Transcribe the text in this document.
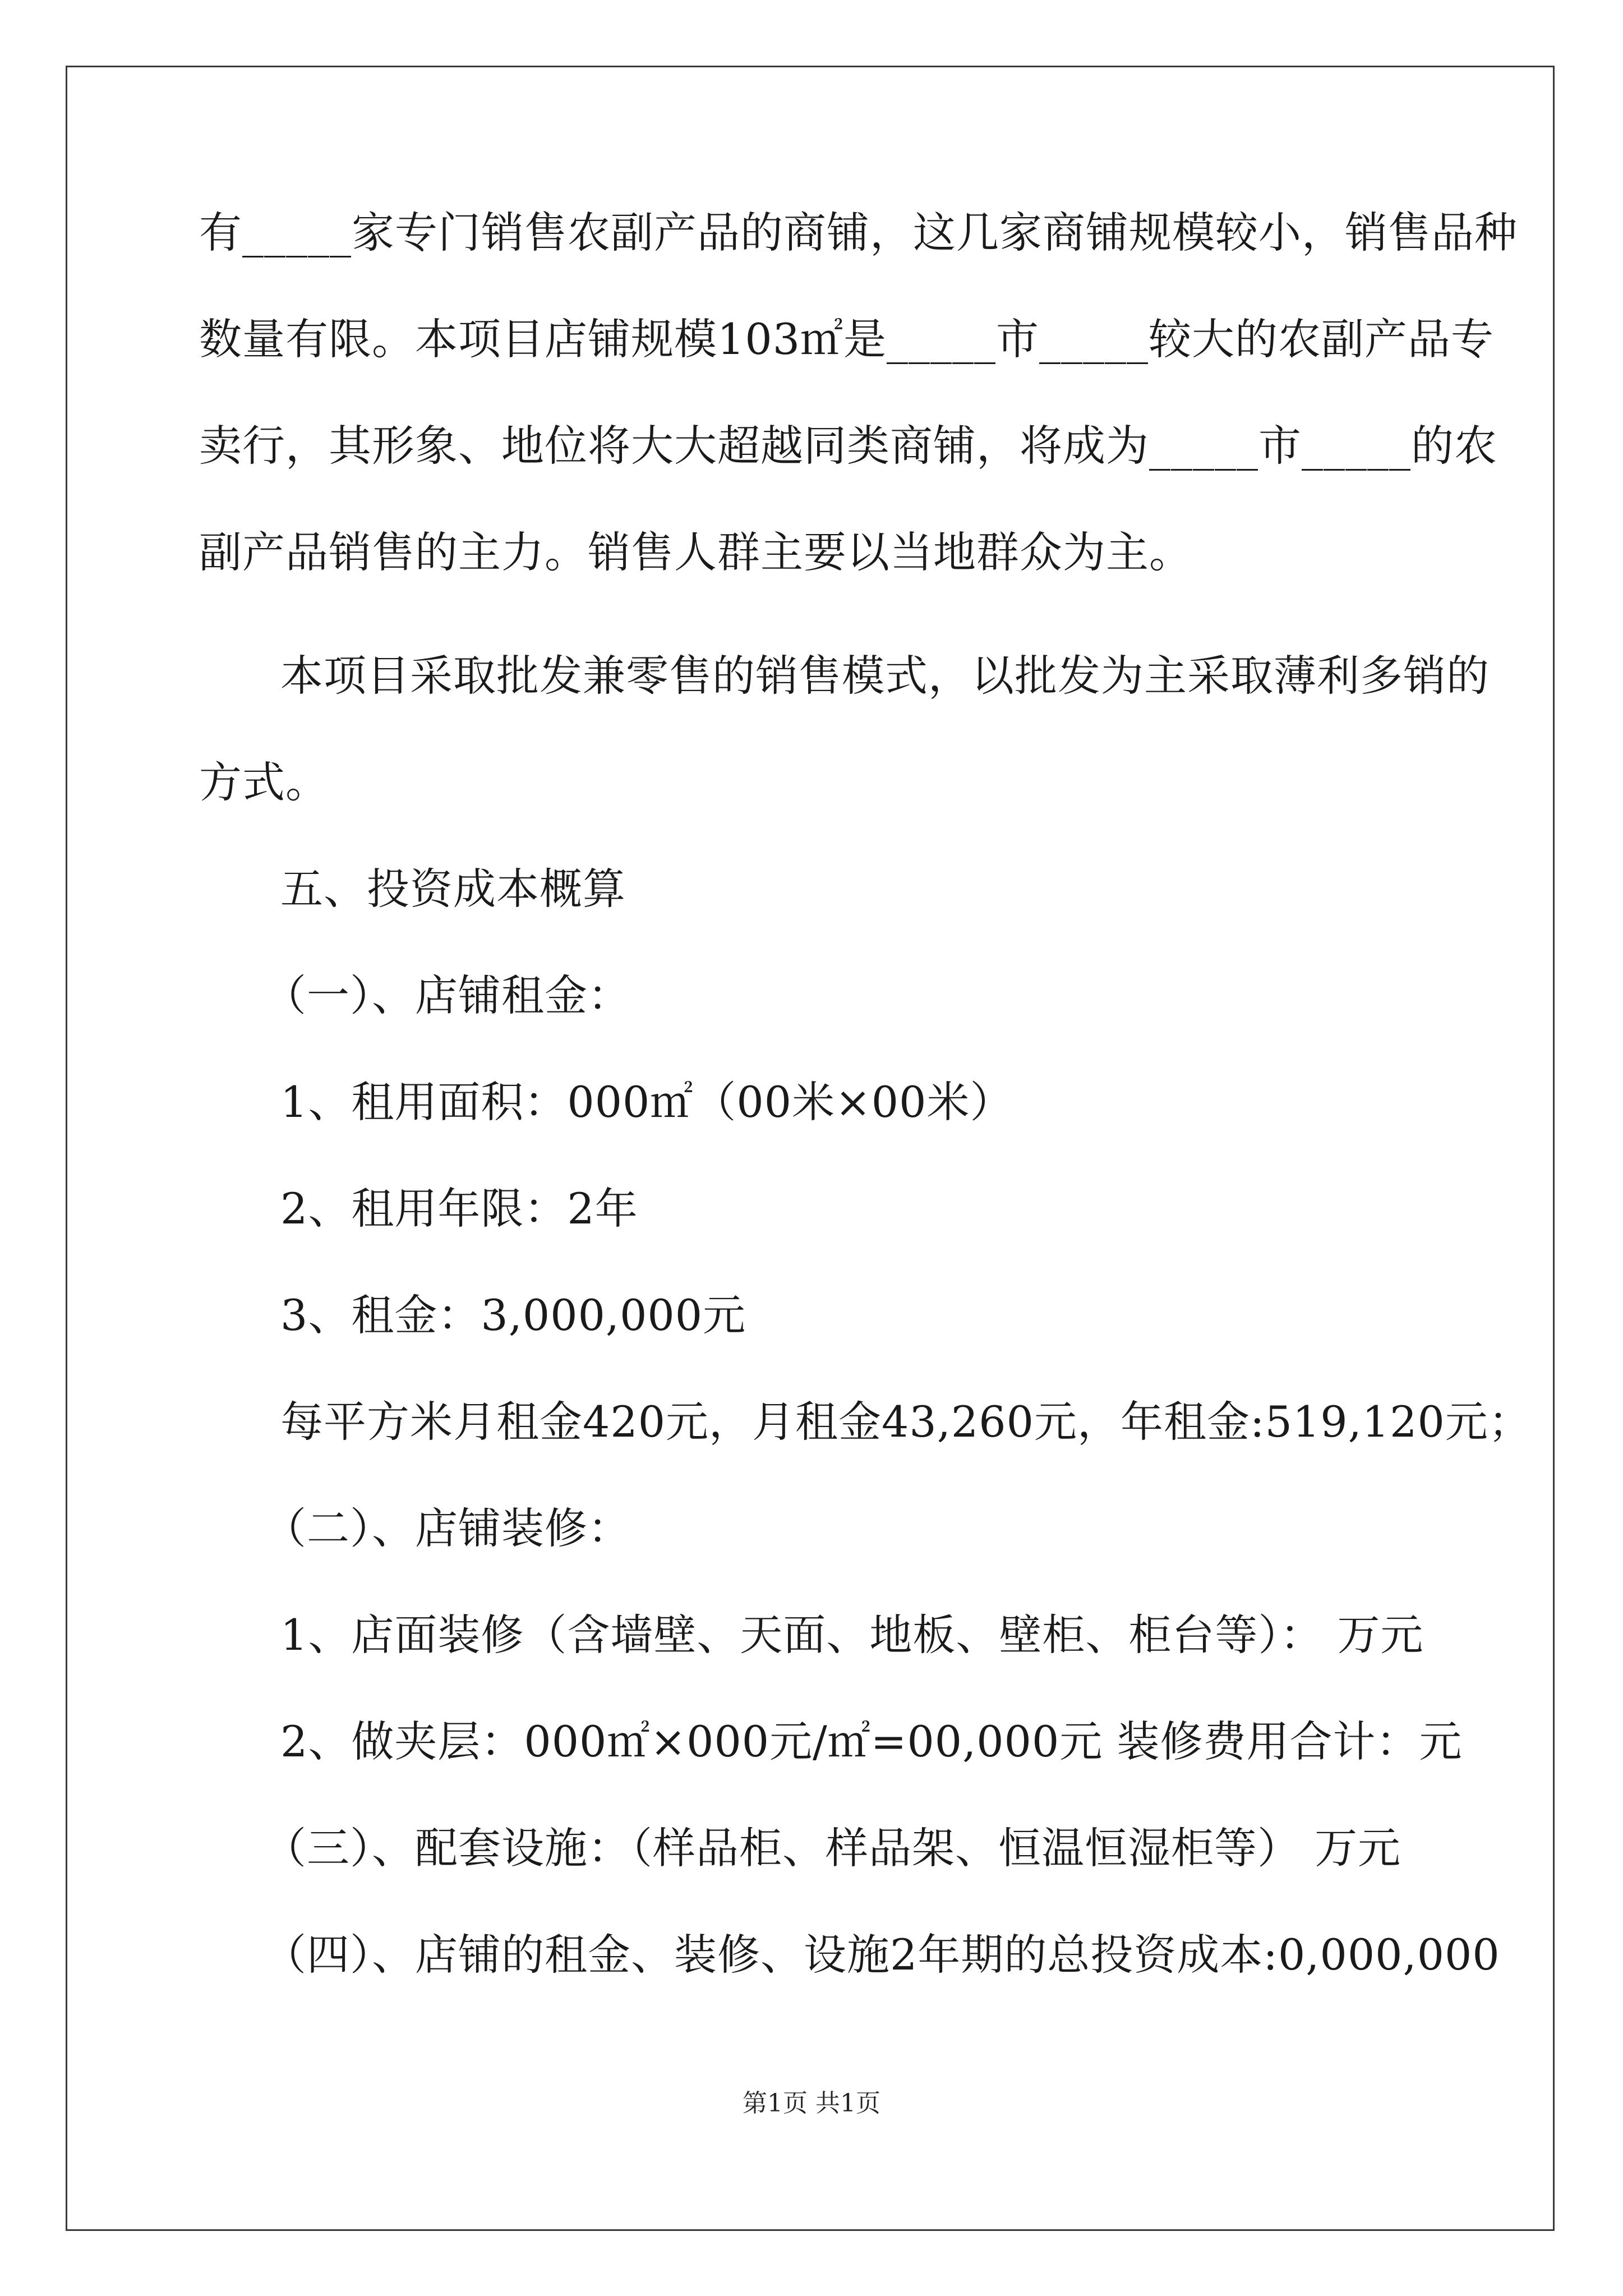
有_____家专门销售农副产品的商铺，这几家商铺规模较小，销售品种
数量有限。本项目店铺规模103㎡是_____市_____较大的农副产品专
卖行，其形象、地位将大大超越同类商铺，将成为_____市_____的农
副产品销售的主力。销售人群主要以当地群众为主。
本项目采取批发兼零售的销售模式，以批发为主采取薄利多销的
方式。
五、投资成本概算
（一）、店铺租金：
1、租用面积：000㎡（00米×00米）
2、租用年限：2年
3、租金：3,000,000元
每平方米月租金420元，月租金43,260元，年租金:519,120元；
（二）、店铺装修：
1、店面装修（含墙壁、天面、地板、壁柜、柜台等）： 万元
2、做夹层：000㎡×000元/㎡=00,000元 装修费用合计：元
（三）、配套设施：（样品柜、样品架、恒温恒湿柜等） 万元
（四）、店铺的租金、装修、设施2年期的总投资成本:0,000,000
第1页 共1页
